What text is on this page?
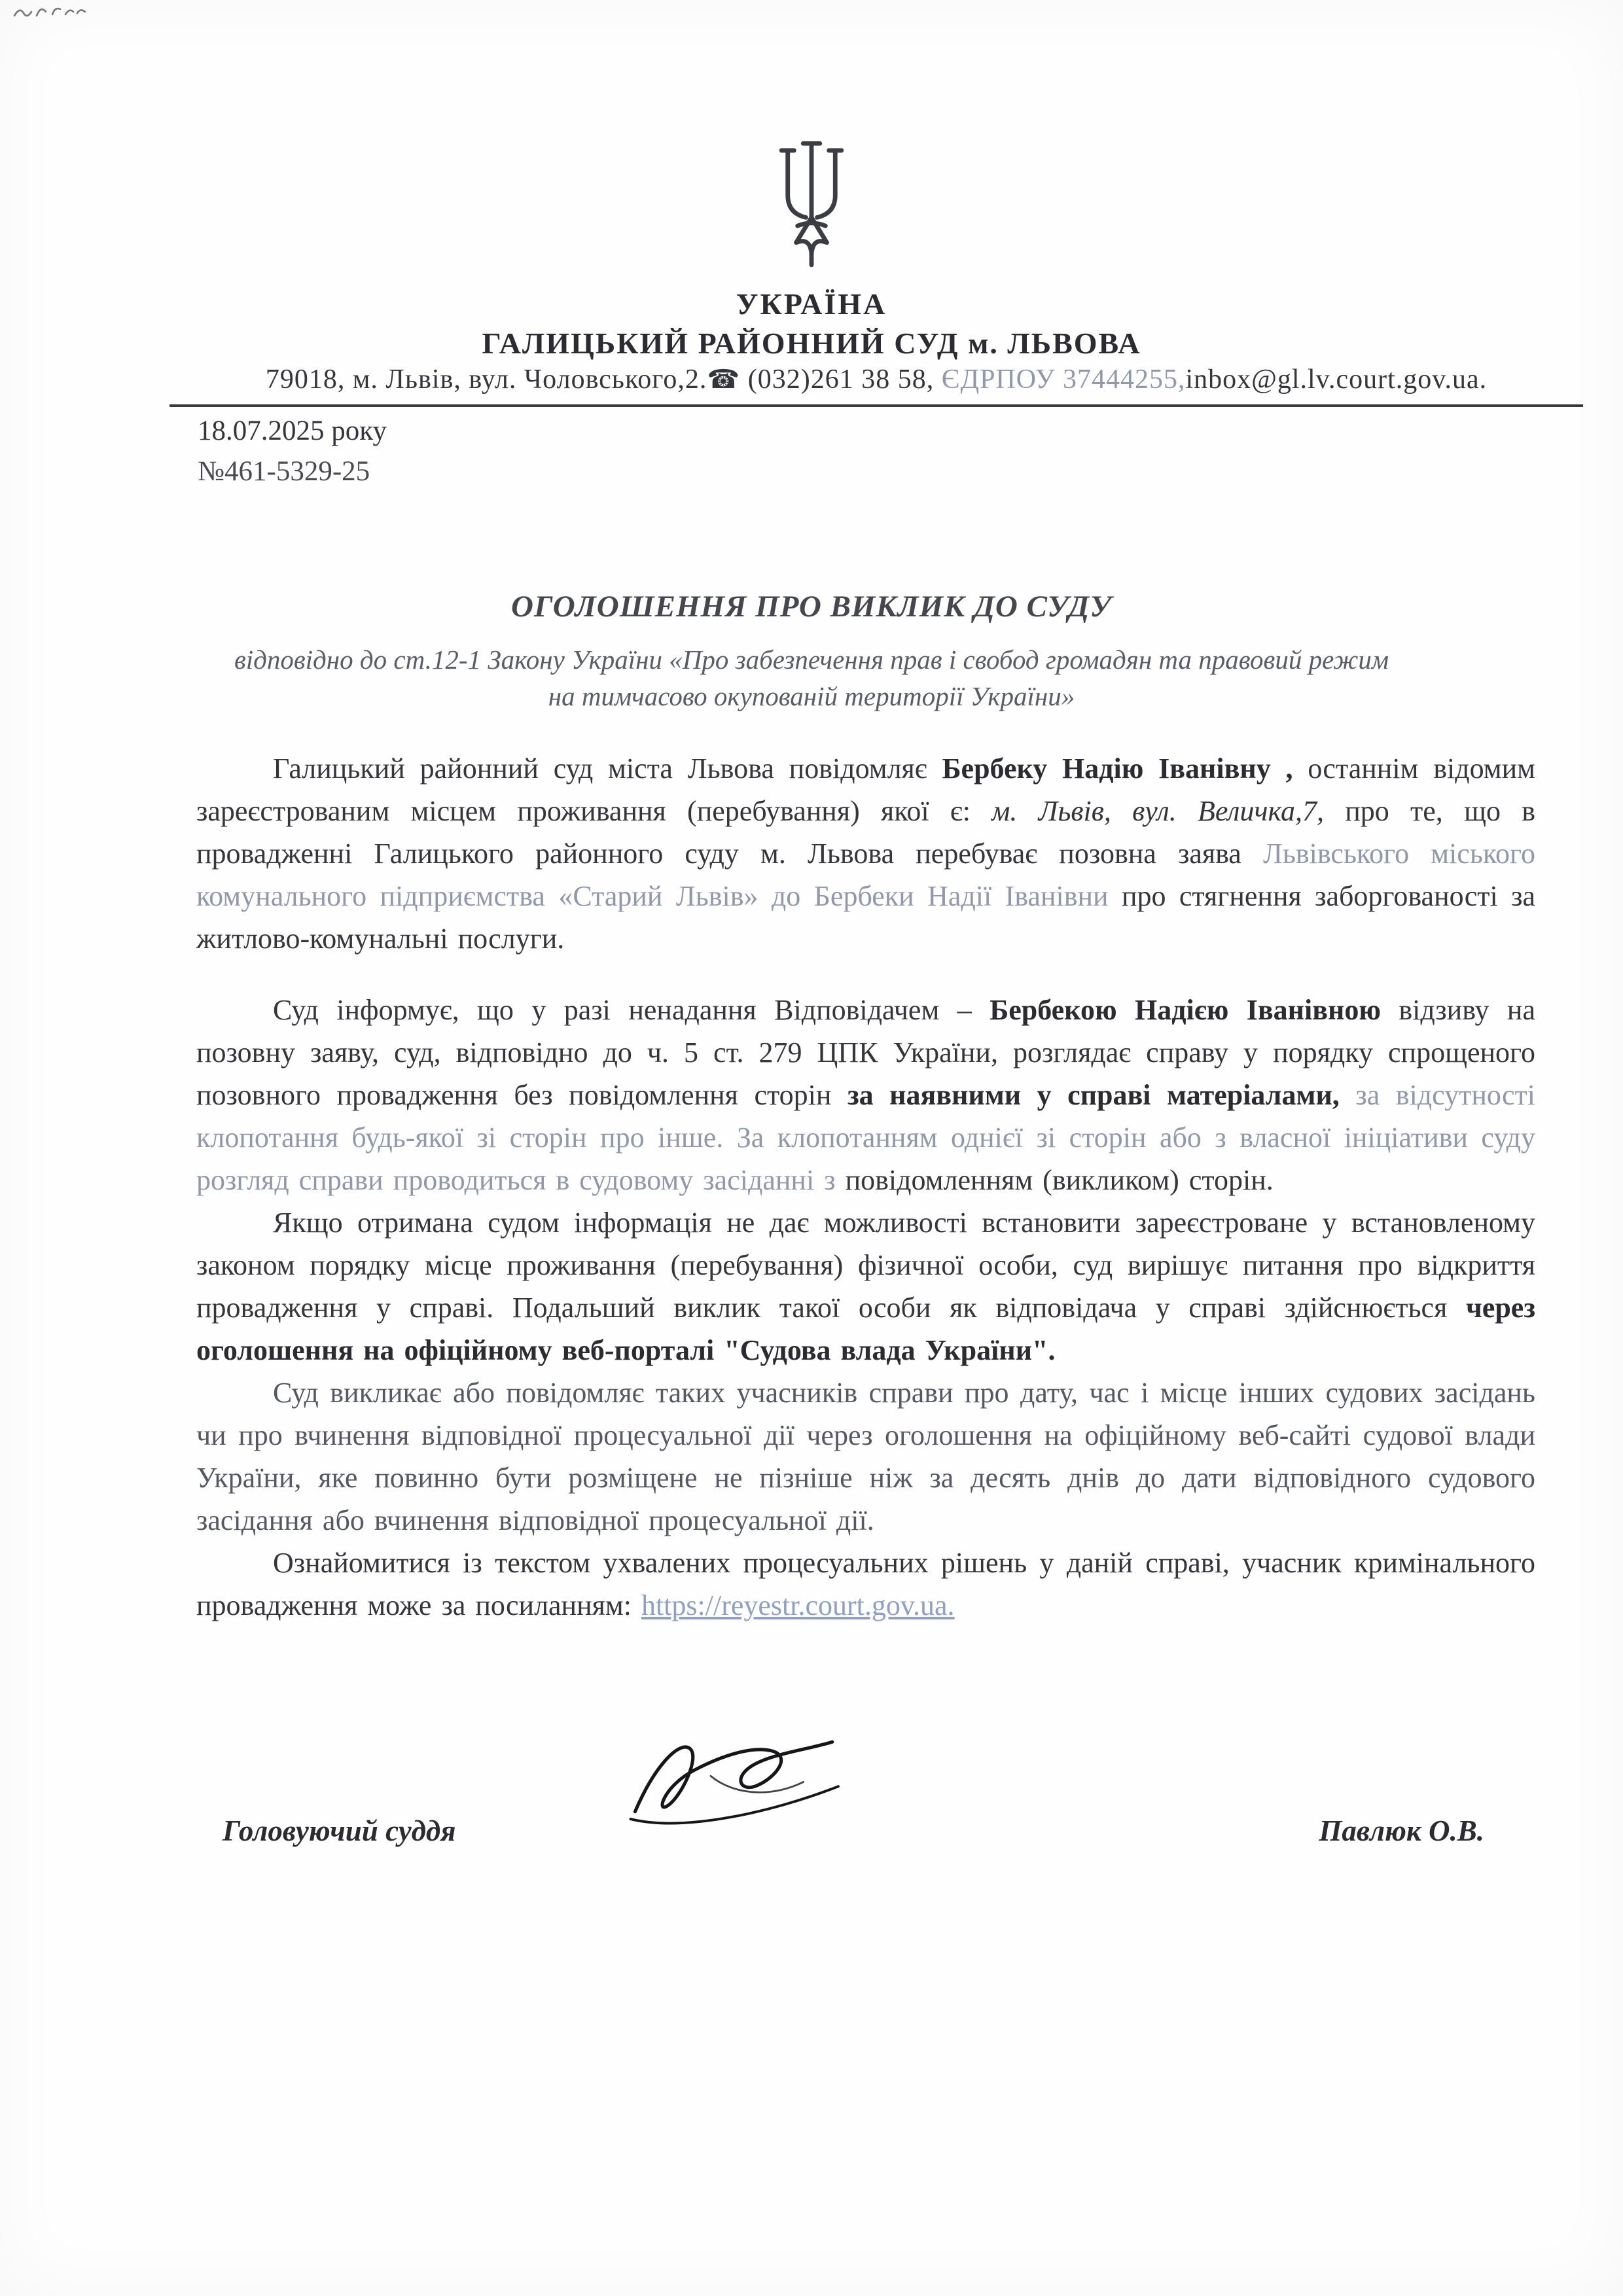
УКРАЇНА
ГАЛИЦЬКИЙ РАЙОННИЙ СУД м. ЛЬВОВА
79018, м. Львів, вул. Чоловського,2.☎ (032)261 38 58, ЄДРПОУ 37444255,inbox@gl.lv.court.gov.ua.
18.07.2025 року
№461-5329-25

ОГОЛОШЕННЯ ПРО ВИКЛИК ДО СУДУ

відповідно до ст.12-1 Закону України «Про забезпечення прав і свобод громадян та правовий режим
на тимчасово окупованій території України»

Галицький районний суд міста Львова повідомляє Бербеку Надію Іванівну , останнім відомим зареєстрованим місцем проживання (перебування) якої є: м. Львів, вул. Величка,7, про те, що в провадженні Галицького районного суду м. Львова перебуває позовна заява Львівського міського комунального підприємства «Старий Львів» до Бербеки Надії Іванівни про стягнення заборгованості за житлово-комунальні послуги.

Суд інформує, що у разі ненадання Відповідачем – Бербекою Надією Іванівною відзиву на позовну заяву, суд, відповідно до ч. 5 ст. 279 ЦПК України, розглядає справу у порядку спрощеного позовного провадження без повідомлення сторін за наявними у справі матеріалами, за відсутності клопотання будь-якої зі сторін про інше. За клопотанням однієї зі сторін або з власної ініціативи суду розгляд справи проводиться в судовому засіданні з повідомленням (викликом) сторін.

Якщо отримана судом інформація не дає можливості встановити зареєстроване у встановленому законом порядку місце проживання (перебування) фізичної особи, суд вирішує питання про відкриття провадження у справі. Подальший виклик такої особи як відповідача у справі здійснюється через оголошення на офіційному веб-порталі "Судова влада України".

Суд викликає або повідомляє таких учасників справи про дату, час і місце інших судових засідань чи про вчинення відповідної процесуальної дії через оголошення на офіційному веб-сайті судової влади України, яке повинно бути розміщене не пізніше ніж за десять днів до дати відповідного судового засідання або вчинення відповідної процесуальної дії.

Ознайомитися із текстом ухвалених процесуальних рішень у даній справі, учасник кримінального провадження може за посиланням: https://reyestr.court.gov.ua.

Головуючий суддя	Павлюк О.В.
